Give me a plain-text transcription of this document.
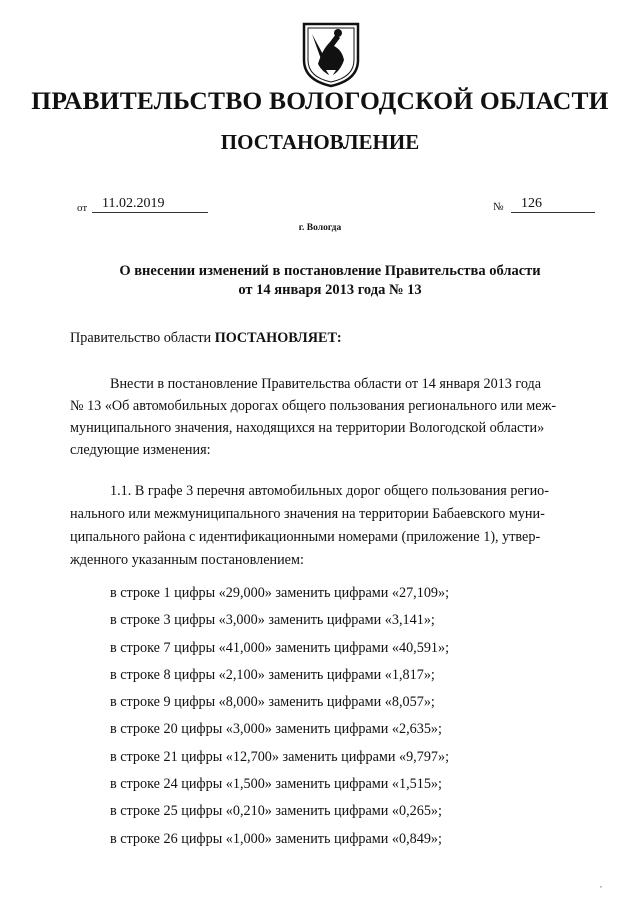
ПРАВИТЕЛЬСТВО ВОЛОГОДСКОЙ ОБЛАСТИ
ПОСТАНОВЛЕНИЕ
от	11.02.2019	№	126
г. Вологда
О внесении изменений в постановление Правительства области
от 14 января 2013 года № 13
Правительство области ПОСТАНОВЛЯЕТ:
Внести в постановление Правительства области от 14 января 2013 года
№ 13 «Об автомобильных дорогах общего пользования регионального или меж-
муниципального значения, находящихся на территории Вологодской области»
следующие изменения:
1.1. В графе 3 перечня автомобильных дорог общего пользования регио-
нального или межмуниципального значения на территории Бабаевского муни-
ципального района с идентификационными номерами (приложение 1), утвер-
жденного указанным постановлением:
в строке 1 цифры «29,000» заменить цифрами «27,109»;
в строке 3 цифры «3,000» заменить цифрами «3,141»;
в строке 7 цифры «41,000» заменить цифрами «40,591»;
в строке 8 цифры «2,100» заменить цифрами «1,817»;
в строке 9 цифры «8,000» заменить цифрами «8,057»;
в строке 20 цифры «3,000» заменить цифрами «2,635»;
в строке 21 цифры «12,700» заменить цифрами «9,797»;
в строке 24 цифры «1,500» заменить цифрами «1,515»;
в строке 25 цифры «0,210» заменить цифрами «0,265»;
в строке 26 цифры «1,000» заменить цифрами «0,849»;
,
